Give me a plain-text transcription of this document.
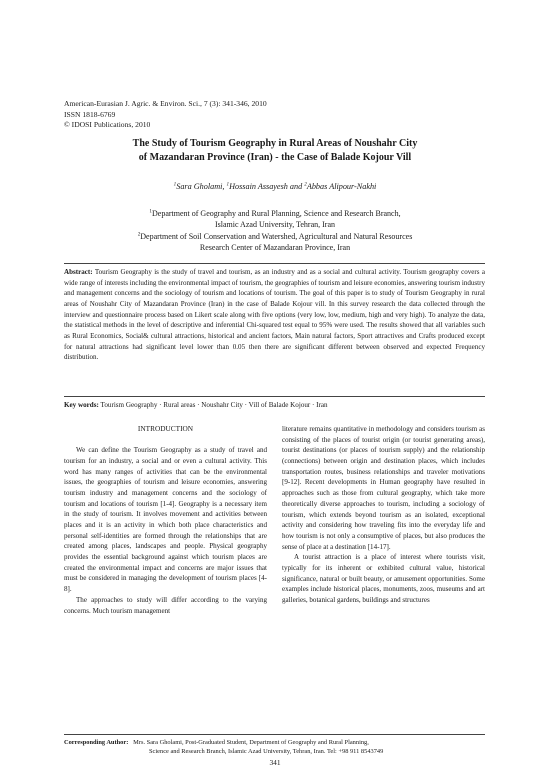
American-Eurasian J. Agric. & Environ. Sci., 7 (3): 341-346, 2010
ISSN 1818-6769
© IDOSI Publications, 2010
The Study of Tourism Geography in Rural Areas of Noushahr City
of Mazandaran Province (Iran) - the Case of Balade Kojour Vill
$^1$Sara Gholami, $^1$Hossain Assayesh and $^2$Abbas Alipour-Nakhi
$^1$Department of Geography and Rural Planning, Science and Research Branch,
Islamic Azad University, Tehran, Iran
$^2$Department of Soil Conservation and Watershed, Agricultural and Natural Resources
Research Center of Mazandaran Province, Iran
Abstract: Tourism Geography is the study of travel and tourism, as an industry and as a social and cultural activity. Tourism geography covers a wide range of interests including the environmental impact of tourism, the geographies of tourism and leisure economies, answering tourism industry and management concerns and the sociology of tourism and locations of tourism. The goal of this paper is to study of Tourism Geography in rural areas of Noushahr City of Mazandaran Province (Iran) in the case of Balade Kojour vill. In this survey research the data collected through the interview and questionnaire process based on Likert scale along with five options (very low, low, medium, high and very high). To analyze the data, the statistical methods in the level of descriptive and inferential Chi-squared test equal to 95% were used. The results showed that all variables such as Rural Economics, Social& cultural attractions, historical and ancient factors, Main natural factors, Sport attractives and Crafts produced except for natural attractions had significant level lower than 0.05 then there are significant different between observed and expected Frequency distribution.
Key words: Tourism Geography · Rural areas · Noushahr City · Vill of Balade Kojour · Iran
INTRODUCTION

We can define the Tourism Geography as a study of travel and tourism for an industry, a social and or even a cultural activity. This word has many ranges of activities that can be the environmental issues, the geographies of tourism and leisure economies, answering tourism industry and management concerns and the sociology of tourism and locations of tourism [1-4]. Geography is a necessary item in the study of tourism. It involves movement and activities between places and it is an activity in which both place characteristics and personal self-identities are formed through the relationships that are created among places, landscapes and people. Physical geography provides the essential background against which tourism places are created the environmental impact and concerns are major issues that must be considered in managing the development of tourism places [4-8].

The approaches to study will differ according to the varying concerns. Much tourism management

literature remains quantitative in methodology and considers tourism as consisting of the places of tourist origin (or tourist generating areas), tourist destinations (or places of tourism supply) and the relationship (connections) between origin and destination places, which includes transportation routes, business relationships and traveler motivations [9-12]. Recent developments in Human geography have resulted in approaches such as those from cultural geography, which take more theoretically diverse approaches to tourism, including a sociology of tourism, which extends beyond tourism as an isolated, exceptional activity and considering how traveling fits into the everyday life and how tourism is not only a consumptive of places, but also produces the sense of place at a destination [14-17].

A tourist attraction is a place of interest where tourists visit, typically for its inherent or exhibited cultural value, historical significance, natural or built beauty, or amusement opportunities. Some examples include historical places, monuments, zoos, museums and art galleries, botanical gardens, buildings and structures

Corresponding Author: Mrs. Sara Gholami, Post-Graduated Student, Department of Geography and Rural Planning,
Science and Research Branch, Islamic Azad University, Tehran, Iran. Tel: +98 911 8543749
341
